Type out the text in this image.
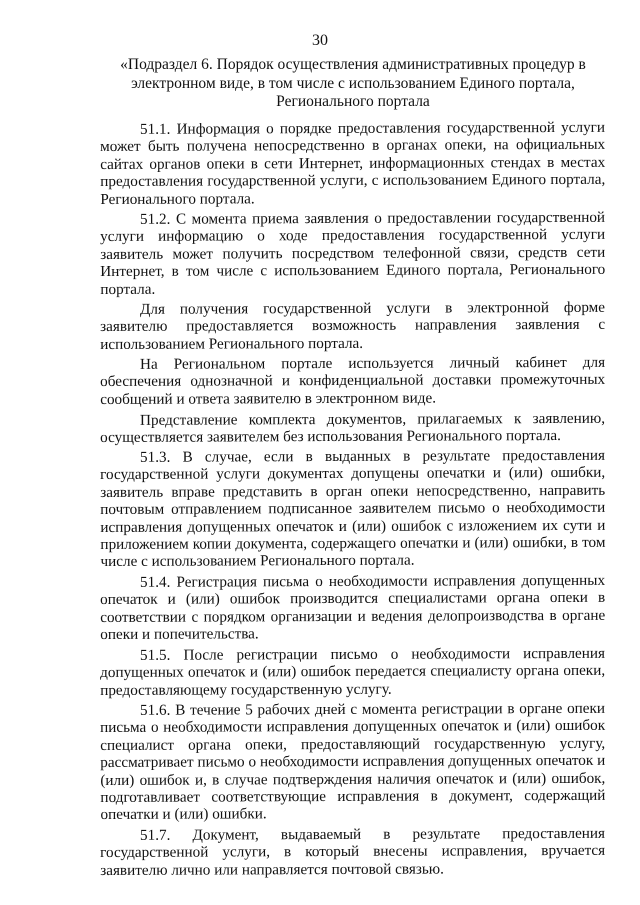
30
«Подраздел 6. Порядок осуществления административных процедур в электронном виде, в том числе с использованием Единого портала, Регионального портала

51.1. Информация о порядке предоставления государственной услуги может быть получена непосредственно в органах опеки, на официальных сайтах органов опеки в сети Интернет, информационных стендах в местах предоставления государственной услуги, с использованием Единого портала, Регионального портала.

51.2. С момента приема заявления о предоставлении государственной услуги информацию о ходе предоставления государственной услуги заявитель может получить посредством телефонной связи, средств сети Интернет, в том числе с использованием Единого портала, Регионального портала.

Для получения государственной услуги в электронной форме заявителю предоставляется возможность направления заявления с использованием Регионального портала.

На Региональном портале используется личный кабинет для обеспечения однозначной и конфиденциальной доставки промежуточных сообщений и ответа заявителю в электронном виде.

Представление комплекта документов, прилагаемых к заявлению, осуществляется заявителем без использования Регионального портала.

51.3. В случае, если в выданных в результате предоставления государственной услуги документах допущены опечатки и (или) ошибки, заявитель вправе представить в орган опеки непосредственно, направить почтовым отправлением подписанное заявителем письмо о необходимости исправления допущенных опечаток и (или) ошибок с изложением их сути и приложением копии документа, содержащего опечатки и (или) ошибки, в том числе с использованием Регионального портала.

51.4. Регистрация письма о необходимости исправления допущенных опечаток и (или) ошибок производится специалистами органа опеки в соответствии с порядком организации и ведения делопроизводства в органе опеки и попечительства.

51.5. После регистрации письмо о необходимости исправления допущенных опечаток и (или) ошибок передается специалисту органа опеки, предоставляющему государственную услугу.

51.6. В течение 5 рабочих дней с момента регистрации в органе опеки письма о необходимости исправления допущенных опечаток и (или) ошибок специалист органа опеки, предоставляющий государственную услугу, рассматривает письмо о необходимости исправления допущенных опечаток и (или) ошибок и, в случае подтверждения наличия опечаток и (или) ошибок, подготавливает соответствующие исправления в документ, содержащий опечатки и (или) ошибки.

51.7. Документ, выдаваемый в результате предоставления государственной услуги, в который внесены исправления, вручается заявителю лично или направляется почтовой связью.
